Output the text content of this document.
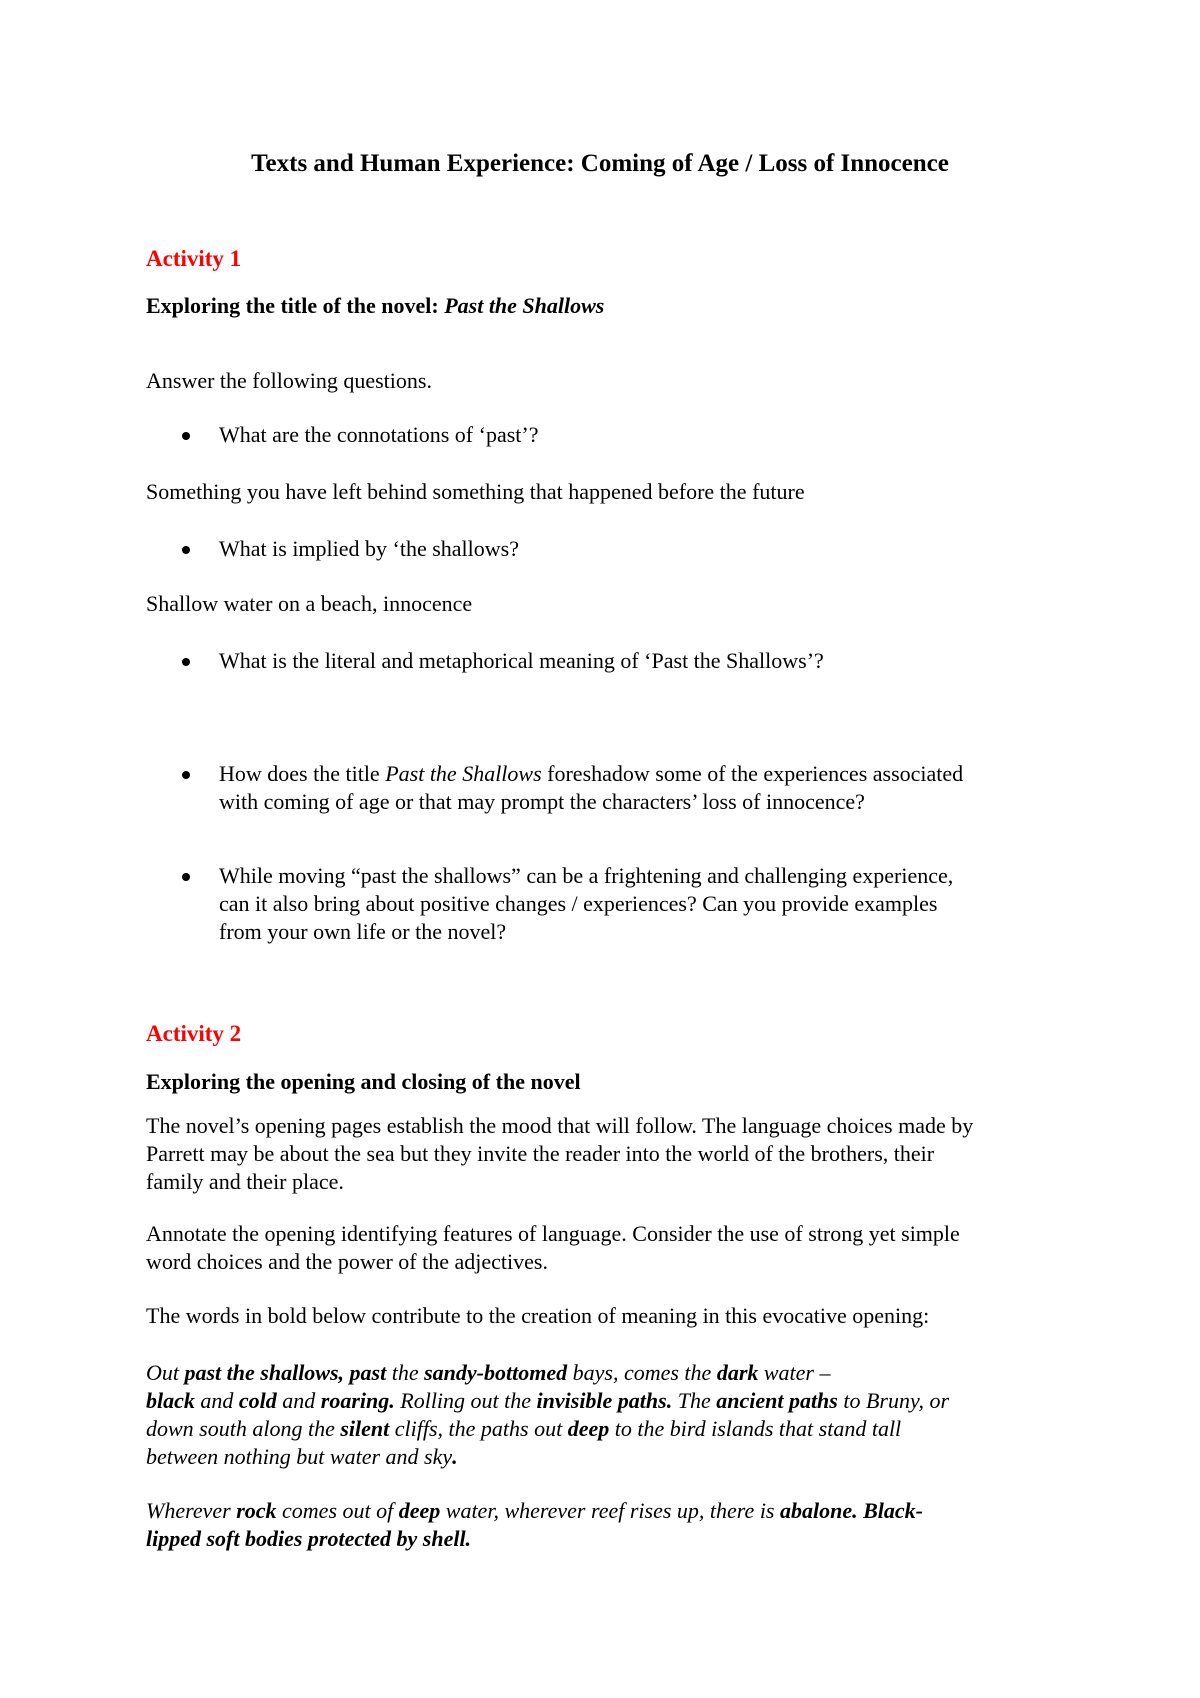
Texts and Human Experience: Coming of Age / Loss of Innocence

Activity 1

Exploring the title of the novel: Past the Shallows

Answer the following questions.

What are the connotations of ‘past’?

Something you have left behind something that happened before the future

What is implied by ‘the shallows?

Shallow water on a beach, innocence

What is the literal and metaphorical meaning of ‘Past the Shallows’?

How does the title Past the Shallows foreshadow some of the experiences associated
with coming of age or that may prompt the characters’ loss of innocence?

While moving “past the shallows” can be a frightening and challenging experience,
can it also bring about positive changes / experiences? Can you provide examples
from your own life or the novel?

Activity 2

Exploring the opening and closing of the novel

The novel’s opening pages establish the mood that will follow. The language choices made by
Parrett may be about the sea but they invite the reader into the world of the brothers, their
family and their place.

Annotate the opening identifying features of language. Consider the use of strong yet simple
word choices and the power of the adjectives.

The words in bold below contribute to the creation of meaning in this evocative opening:

Out past the shallows, past the sandy-bottomed bays, comes the dark water –
black and cold and roaring. Rolling out the invisible paths. The ancient paths to Bruny, or
down south along the silent cliffs, the paths out deep to the bird islands that stand tall
between nothing but water and sky.

Wherever rock comes out of deep water, wherever reef rises up, there is abalone. Black-
lipped soft bodies protected by shell.
